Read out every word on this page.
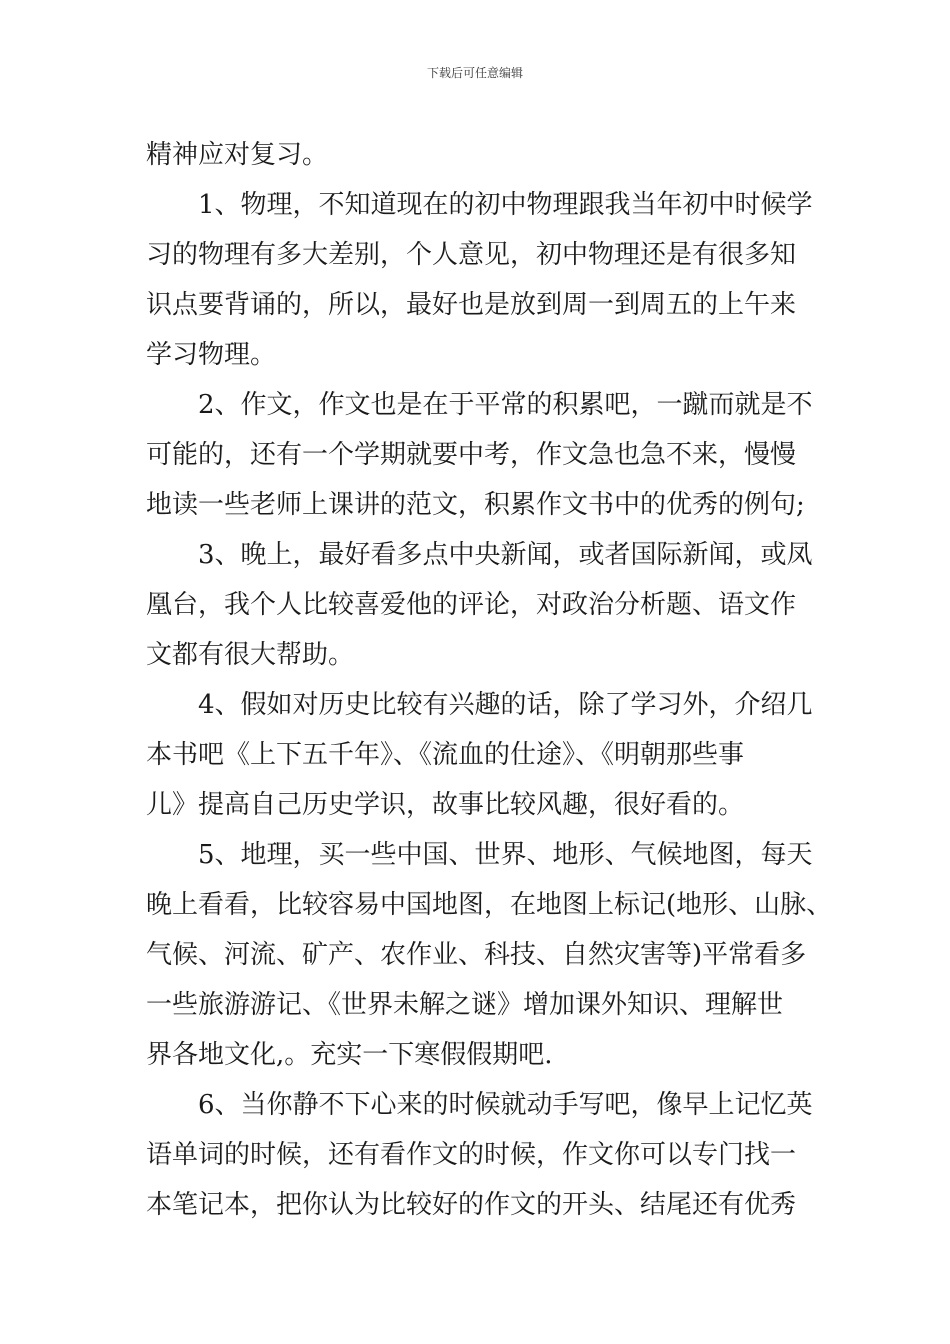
下载后可任意编辑
精神应对复习。
1、物理，不知道现在的初中物理跟我当年初中时候学
习的物理有多大差别，个人意见，初中物理还是有很多知
识点要背诵的，所以，最好也是放到周一到周五的上午来
学习物理。
2、作文，作文也是在于平常的积累吧，一蹴而就是不
可能的，还有一个学期就要中考，作文急也急不来，慢慢
地读一些老师上课讲的范文，积累作文书中的优秀的例句;
3、晚上，最好看多点中央新闻，或者国际新闻，或凤
凰台，我个人比较喜爱他的评论，对政治分析题、语文作
文都有很大帮助。
4、假如对历史比较有兴趣的话，除了学习外，介绍几
本书吧《上下五千年》、《流血的仕途》、《明朝那些事
儿》提高自己历史学识，故事比较风趣，很好看的。
5、地理，买一些中国、世界、地形、气候地图，每天
晚上看看，比较容易中国地图，在地图上标记(地形、山脉、
气候、河流、矿产、农作业、科技、自然灾害等)平常看多
一些旅游游记、《世界未解之谜》增加课外知识、理解世
界各地文化,。充实一下寒假假期吧.
6、当你静不下心来的时候就动手写吧，像早上记忆英
语单词的时候，还有看作文的时候，作文你可以专门找一
本笔记本，把你认为比较好的作文的开头、结尾还有优秀
